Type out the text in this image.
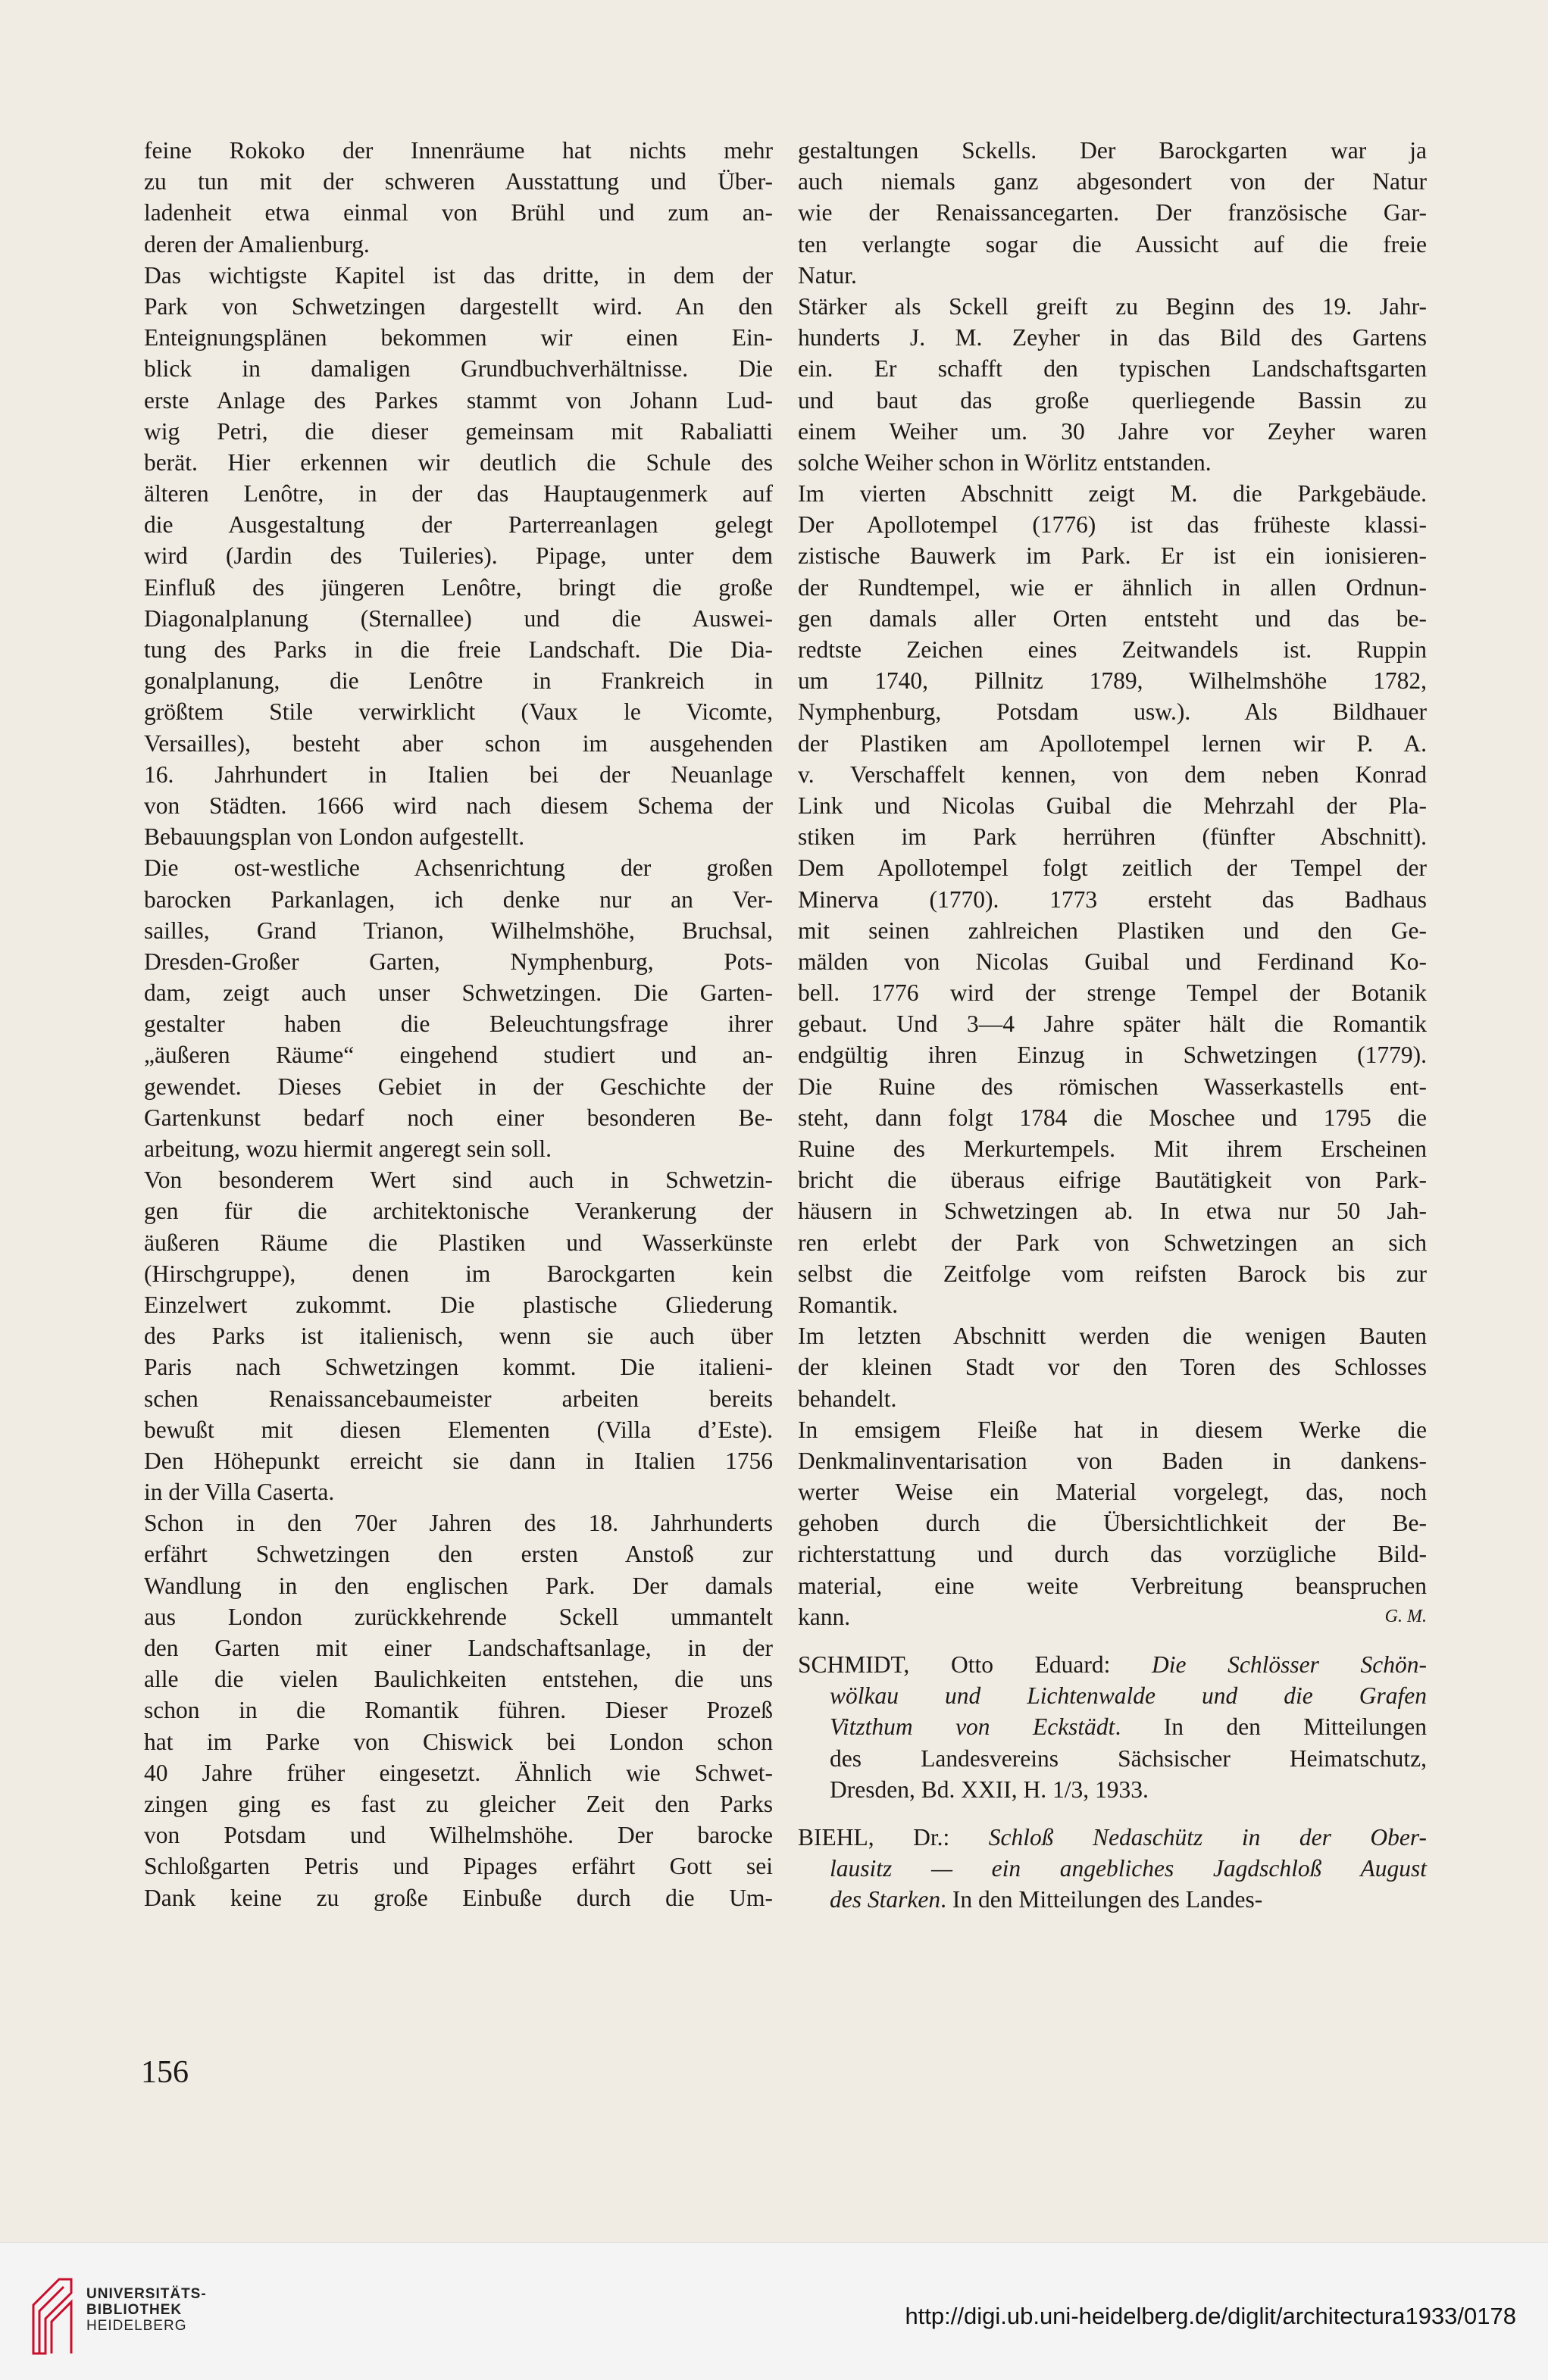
feine Rokoko der Innenräume hat nichts mehr
zu tun mit der schweren Ausstattung und Über-
ladenheit etwa einmal von Brühl und zum an-
deren der Amalienburg.
Das wichtigste Kapitel ist das dritte, in dem der
Park von Schwetzingen dargestellt wird. An den
Enteignungsplänen bekommen wir einen Ein-
blick in damaligen Grundbuchverhältnisse. Die
erste Anlage des Parkes stammt von Johann Lud-
wig Petri, die dieser gemeinsam mit Rabaliatti
berät. Hier erkennen wir deutlich die Schule des
älteren Lenôtre, in der das Hauptaugenmerk auf
die Ausgestaltung der Parterreanlagen gelegt
wird (Jardin des Tuileries). Pipage, unter dem
Einfluß des jüngeren Lenôtre, bringt die große
Diagonalplanung (Sternallee) und die Auswei-
tung des Parks in die freie Landschaft. Die Dia-
gonalplanung, die Lenôtre in Frankreich in
größtem Stile verwirklicht (Vaux le Vicomte,
Versailles), besteht aber schon im ausgehenden
16. Jahrhundert in Italien bei der Neuanlage
von Städten. 1666 wird nach diesem Schema der
Bebauungsplan von London aufgestellt.
Die ost-westliche Achsenrichtung der großen
barocken Parkanlagen, ich denke nur an Ver-
sailles, Grand Trianon, Wilhelmshöhe, Bruchsal,
Dresden-Großer Garten, Nymphenburg, Pots-
dam, zeigt auch unser Schwetzingen. Die Garten-
gestalter haben die Beleuchtungsfrage ihrer
„äußeren Räume“ eingehend studiert und an-
gewendet. Dieses Gebiet in der Geschichte der
Gartenkunst bedarf noch einer besonderen Be-
arbeitung, wozu hiermit angeregt sein soll.
Von besonderem Wert sind auch in Schwetzin-
gen für die architektonische Verankerung der
äußeren Räume die Plastiken und Wasserkünste
(Hirschgruppe), denen im Barockgarten kein
Einzelwert zukommt. Die plastische Gliederung
des Parks ist italienisch, wenn sie auch über
Paris nach Schwetzingen kommt. Die italieni-
schen Renaissancebaumeister arbeiten bereits
bewußt mit diesen Elementen (Villa d’Este).
Den Höhepunkt erreicht sie dann in Italien 1756
in der Villa Caserta.
Schon in den 70er Jahren des 18. Jahrhunderts
erfährt Schwetzingen den ersten Anstoß zur
Wandlung in den englischen Park. Der damals
aus London zurückkehrende Sckell ummantelt
den Garten mit einer Landschaftsanlage, in der
alle die vielen Baulichkeiten entstehen, die uns
schon in die Romantik führen. Dieser Prozeß
hat im Parke von Chiswick bei London schon
40 Jahre früher eingesetzt. Ähnlich wie Schwet-
zingen ging es fast zu gleicher Zeit den Parks
von Potsdam und Wilhelmshöhe. Der barocke
Schloßgarten Petris und Pipages erfährt Gott sei
Dank keine zu große Einbuße durch die Um-
gestaltungen Sckells. Der Barockgarten war ja
auch niemals ganz abgesondert von der Natur
wie der Renaissancegarten. Der französische Gar-
ten verlangte sogar die Aussicht auf die freie
Natur.
Stärker als Sckell greift zu Beginn des 19. Jahr-
hunderts J. M. Zeyher in das Bild des Gartens
ein. Er schafft den typischen Landschaftsgarten
und baut das große querliegende Bassin zu
einem Weiher um. 30 Jahre vor Zeyher waren
solche Weiher schon in Wörlitz entstanden.
Im vierten Abschnitt zeigt M. die Parkgebäude.
Der Apollotempel (1776) ist das früheste klassi-
zistische Bauwerk im Park. Er ist ein ionisieren-
der Rundtempel, wie er ähnlich in allen Ordnun-
gen damals aller Orten entsteht und das be-
redtste Zeichen eines Zeitwandels ist. Ruppin
um 1740, Pillnitz 1789, Wilhelmshöhe 1782,
Nymphenburg, Potsdam usw.). Als Bildhauer
der Plastiken am Apollotempel lernen wir P. A.
v. Verschaffelt kennen, von dem neben Konrad
Link und Nicolas Guibal die Mehrzahl der Pla-
stiken im Park herrühren (fünfter Abschnitt).
Dem Apollotempel folgt zeitlich der Tempel der
Minerva (1770). 1773 ersteht das Badhaus
mit seinen zahlreichen Plastiken und den Ge-
mälden von Nicolas Guibal und Ferdinand Ko-
bell. 1776 wird der strenge Tempel der Botanik
gebaut. Und 3—4 Jahre später hält die Romantik
endgültig ihren Einzug in Schwetzingen (1779).
Die Ruine des römischen Wasserkastells ent-
steht, dann folgt 1784 die Moschee und 1795 die
Ruine des Merkurtempels. Mit ihrem Erscheinen
bricht die überaus eifrige Bautätigkeit von Park-
häusern in Schwetzingen ab. In etwa nur 50 Jah-
ren erlebt der Park von Schwetzingen an sich
selbst die Zeitfolge vom reifsten Barock bis zur
Romantik.
Im letzten Abschnitt werden die wenigen Bauten
der kleinen Stadt vor den Toren des Schlosses
behandelt.
In emsigem Fleiße hat in diesem Werke die
Denkmalinventarisation von Baden in dankens-
werter Weise ein Material vorgelegt, das, noch
gehoben durch die Übersichtlichkeit der Be-
richterstattung und durch das vorzügliche Bild-
material, eine weite Verbreitung beanspruchen
kann.	G. M.
SCHMIDT, Otto Eduard: Die Schlösser Schön-
wölkau und Lichtenwalde und die Grafen
Vitzthum von Eckstädt. In den Mitteilungen
des Landesvereins Sächsischer Heimatschutz,
Dresden, Bd. XXII, H. 1/3, 1933.
BIEHL, Dr.: Schloß Nedaschütz in der Ober-
lausitz — ein angebliches Jagdschloß August
des Starken. In den Mitteilungen des Landes-
156
UNIVERSITÄTS-
BIBLIOTHEK
HEIDELBERG	http://digi.ub.uni-heidelberg.de/diglit/architectura1933/0178
